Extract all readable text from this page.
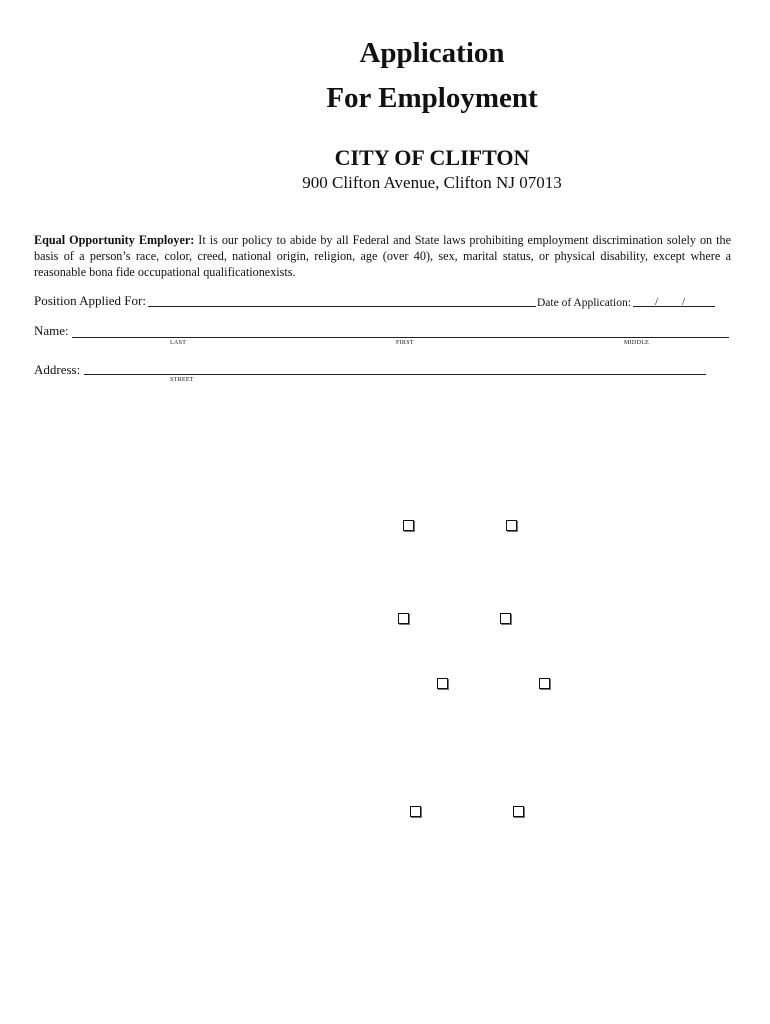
Application
For Employment
CITY OF CLIFTON
900 Clifton Avenue, Clifton NJ 07013
Equal Opportunity Employer: It is our policy to abide by all Federal and State laws prohibiting employment discrimination solely on the basis of a person’s race, color, creed, national origin, religion, age (over 40), sex, marital status, or physical disability, except where a reasonable bona fide occupational qualificationexists.
Position Applied For:	Date of Application: / /
Name:
LAST	FIRST	MIDDLE
Address:
STREET
